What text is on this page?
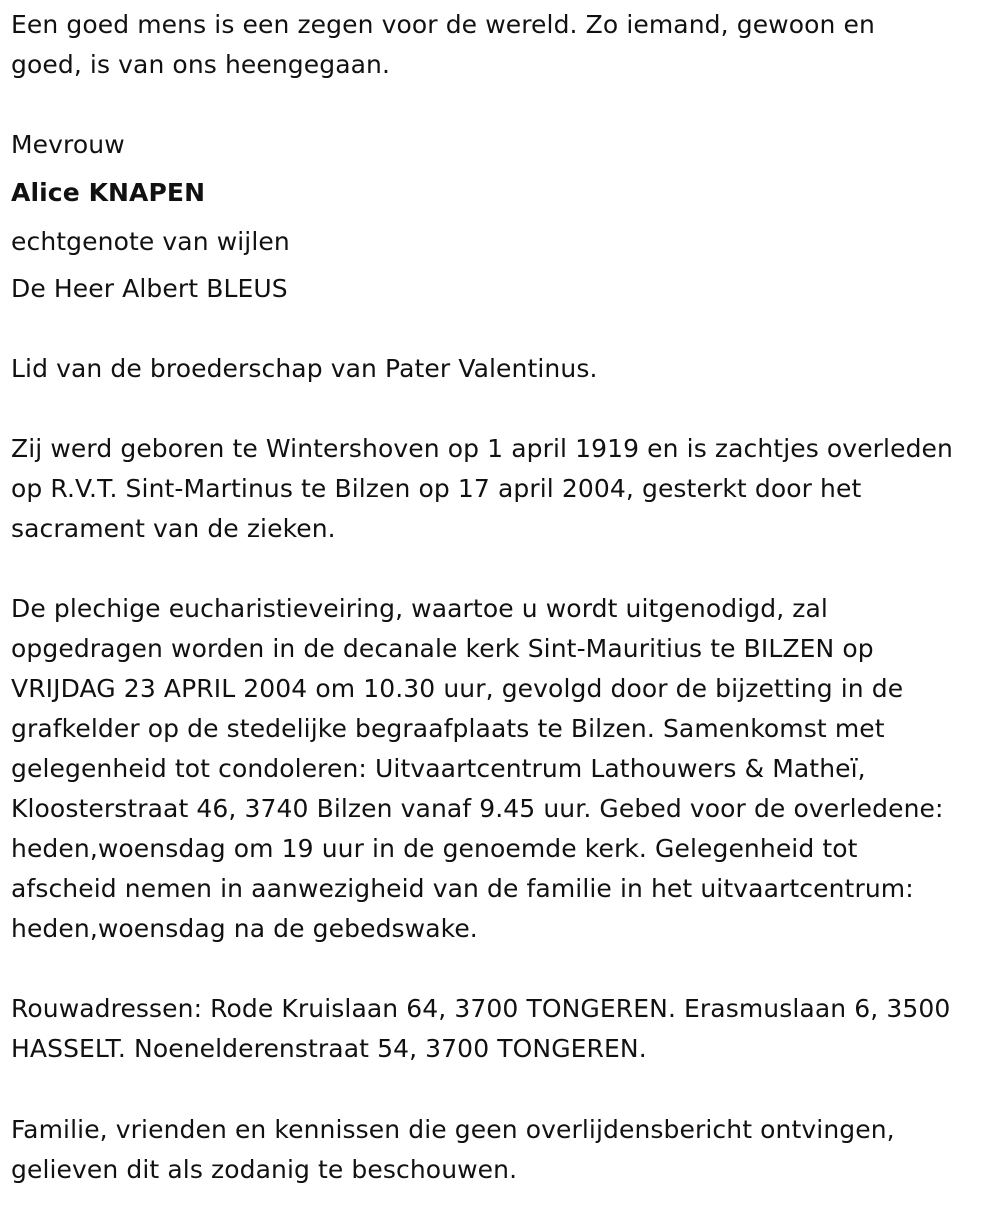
Een goed mens is een zegen voor de wereld. Zo iemand, gewoon en
goed, is van ons heengegaan.
Mevrouw
Alice KNAPEN
echtgenote van wijlen
De Heer Albert BLEUS
Lid van de broederschap van Pater Valentinus.
Zij werd geboren te Wintershoven op 1 april 1919 en is zachtjes overleden
op R.V.T. Sint-Martinus te Bilzen op 17 april 2004, gesterkt door het
sacrament van de zieken.
De plechige eucharistieveiring, waartoe u wordt uitgenodigd, zal
opgedragen worden in de decanale kerk Sint-Mauritius te BILZEN op
VRIJDAG 23 APRIL 2004 om 10.30 uur, gevolgd door de bijzetting in de
grafkelder op de stedelijke begraafplaats te Bilzen. Samenkomst met
gelegenheid tot condoleren: Uitvaartcentrum Lathouwers & Matheï,
Kloosterstraat 46, 3740 Bilzen vanaf 9.45 uur. Gebed voor de overledene:
heden,woensdag om 19 uur in de genoemde kerk. Gelegenheid tot
afscheid nemen in aanwezigheid van de familie in het uitvaartcentrum:
heden,woensdag na de gebedswake.
Rouwadressen: Rode Kruislaan 64, 3700 TONGEREN. Erasmuslaan 6, 3500
HASSELT. Noenelderenstraat 54, 3700 TONGEREN.
Familie, vrienden en kennissen die geen overlijdensbericht ontvingen,
gelieven dit als zodanig te beschouwen.
